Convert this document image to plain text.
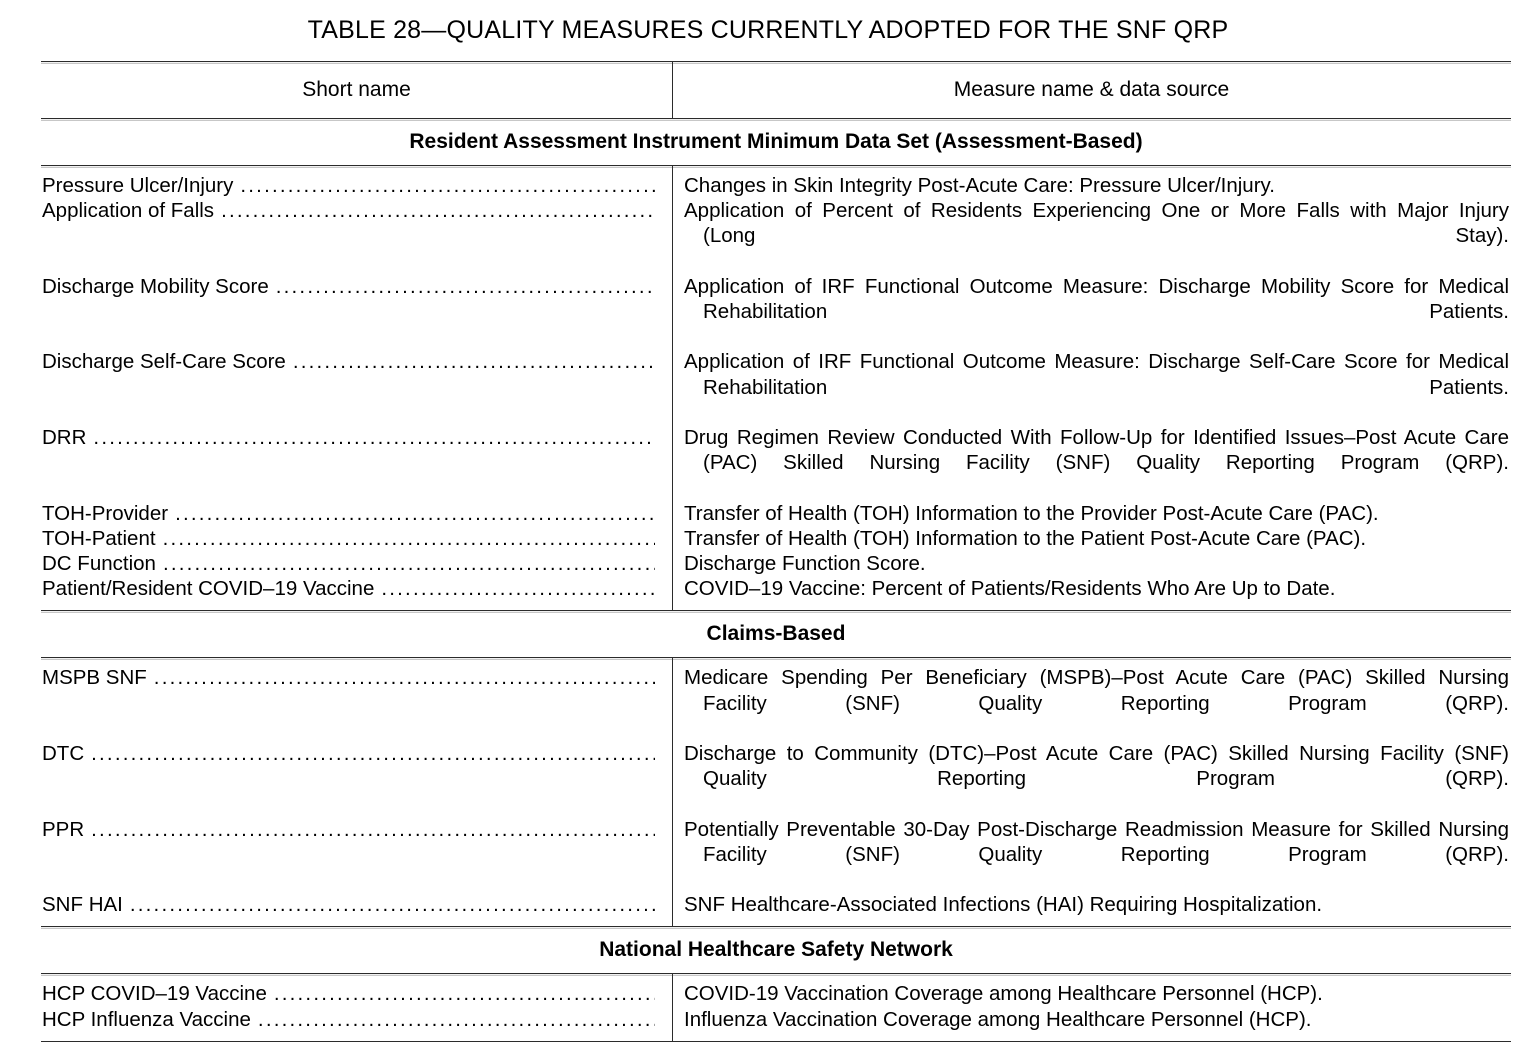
TABLE 28—QUALITY MEASURES CURRENTLY ADOPTED FOR THE SNF QRP
Short name	Measure name & data source
Resident Assessment Instrument Minimum Data Set (Assessment-Based)
Pressure Ulcer/Injury .....	Changes in Skin Integrity Post-Acute Care: Pressure Ulcer/Injury.
Application of Falls .....	Application of Percent of Residents Experiencing One or More Falls with Major Injury (Long Stay).
Discharge Mobility Score .....	Application of IRF Functional Outcome Measure: Discharge Mobility Score for Medical Rehabilitation Patients.
Discharge Self-Care Score .....	Application of IRF Functional Outcome Measure: Discharge Self-Care Score for Medical Rehabilitation Patients.
DRR .....	Drug Regimen Review Conducted With Follow-Up for Identified Issues–Post Acute Care (PAC) Skilled Nursing Facility (SNF) Quality Reporting Program (QRP).
TOH-Provider .....	Transfer of Health (TOH) Information to the Provider Post-Acute Care (PAC).
TOH-Patient .....	Transfer of Health (TOH) Information to the Patient Post-Acute Care (PAC).
DC Function .....	Discharge Function Score.
Patient/Resident COVID–19 Vaccine .....	COVID–19 Vaccine: Percent of Patients/Residents Who Are Up to Date.
Claims-Based
MSPB SNF .....	Medicare Spending Per Beneficiary (MSPB)–Post Acute Care (PAC) Skilled Nursing Facility (SNF) Quality Reporting Program (QRP).
DTC .....	Discharge to Community (DTC)–Post Acute Care (PAC) Skilled Nursing Facility (SNF) Quality Reporting Program (QRP).
PPR .....	Potentially Preventable 30-Day Post-Discharge Readmission Measure for Skilled Nursing Facility (SNF) Quality Reporting Program (QRP).
SNF HAI .....	SNF Healthcare-Associated Infections (HAI) Requiring Hospitalization.
National Healthcare Safety Network
HCP COVID–19 Vaccine .....	COVID-19 Vaccination Coverage among Healthcare Personnel (HCP).
HCP Influenza Vaccine .....	Influenza Vaccination Coverage among Healthcare Personnel (HCP).
